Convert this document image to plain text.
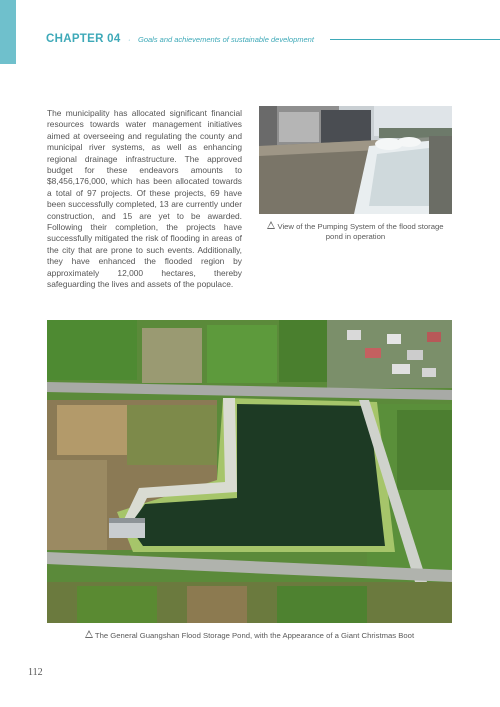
CHAPTER 04 · Goals and achievements of sustainable development

The municipality has allocated significant financial resources towards water management initiatives aimed at overseeing and regulating the county and municipal river systems, as well as enhancing regional drainage infrastructure. The approved budget for these endeavors amounts to $8,456,176,000, which has been allocated towards a total of 97 projects. Of these projects, 69 have been successfully completed, 13 are currently under construction, and 15 are yet to be awarded. Following their completion, the projects have successfully mitigated the risk of flooding in areas of the city that are prone to such events. Additionally, they have enhanced the flooded region by approximately 12,000 hectares, thereby safeguarding the lives and assets of the populace.

View of the Pumping System of the flood storage
pond in operation

The General Guangshan Flood Storage Pond, with the Appearance of a Giant Christmas Boot

112
